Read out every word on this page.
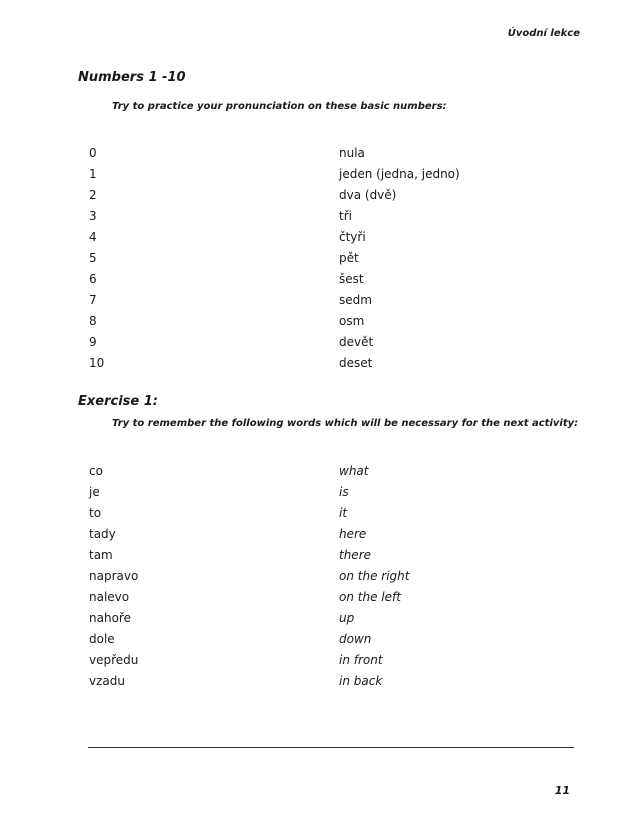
Úvodní lekce
Numbers 1 -10
Try to practice your pronunciation on these basic numbers:
0	nula
1	jeden (jedna, jedno)
2	dva (dvě)
3	tři
4	čtyři
5	pět
6	šest
7	sedm
8	osm
9	devět
10	deset
Exercise 1:
Try to remember the following words which will be necessary for the next activity:
co	what
je	is
to	it
tady	here
tam	there
napravo	on the right
nalevo	on the left
nahoře	up
dole	down
vepředu	in front
vzadu	in back
11
